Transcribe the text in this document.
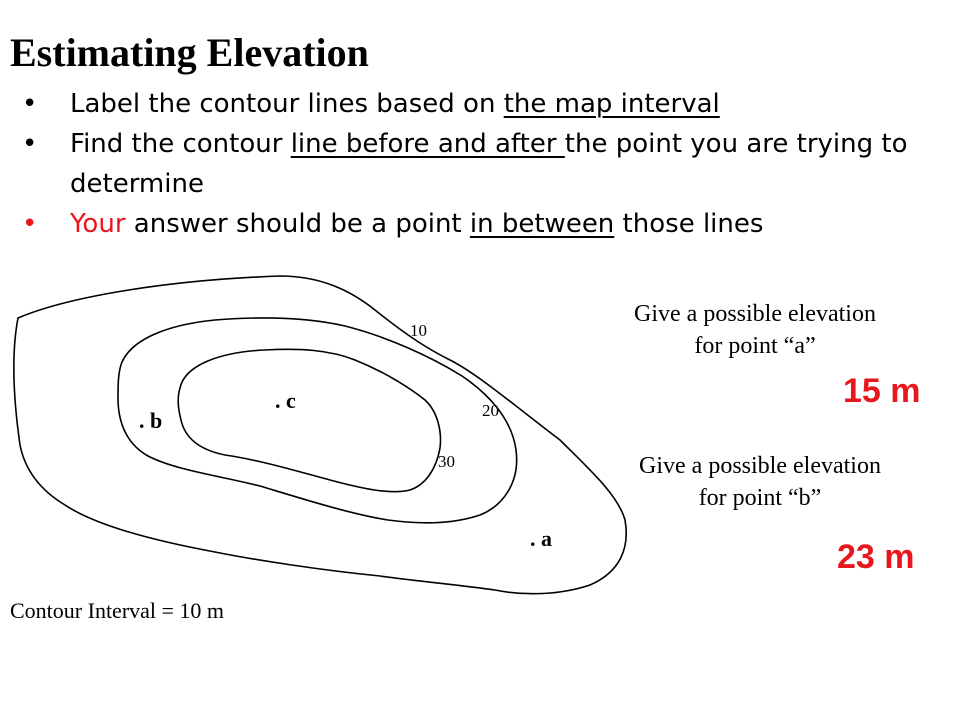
Estimating Elevation
• Label the contour lines based on the map interval
• Find the contour line before and after the point you are trying to determine
• Your answer should be a point in between those lines
10
20
30
. a
. b
. c
Give a possible elevation for point “a”
15 m
Give a possible elevation for point “b”
23 m
Contour Interval = 10 m
